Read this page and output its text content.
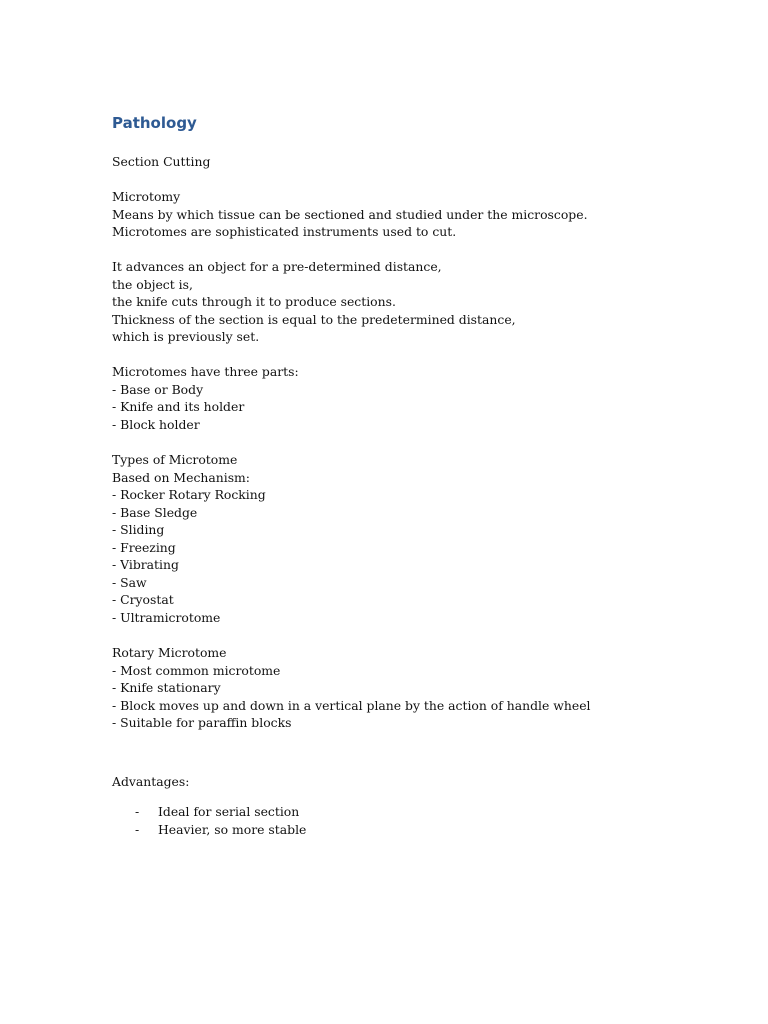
Pathology
Section Cutting
Microtomy
Means by which tissue can be sectioned and studied under the microscope.
Microtomes are sophisticated instruments used to cut.
It advances an object for a pre-determined distance,
the object is,
the knife cuts through it to produce sections.
Thickness of the section is equal to the predetermined distance,
which is previously set.
Microtomes have three parts:
- Base or Body
- Knife and its holder
- Block holder
Types of Microtome
Based on Mechanism:
- Rocker Rotary Rocking
- Base Sledge
- Sliding
- Freezing
- Vibrating
- Saw
- Cryostat
- Ultramicrotome
Rotary Microtome
- Most common microtome
- Knife stationary
- Block moves up and down in a vertical plane by the action of handle wheel
- Suitable for paraffin blocks
Advantages:
- Ideal for serial section
- Heavier, so more stable
